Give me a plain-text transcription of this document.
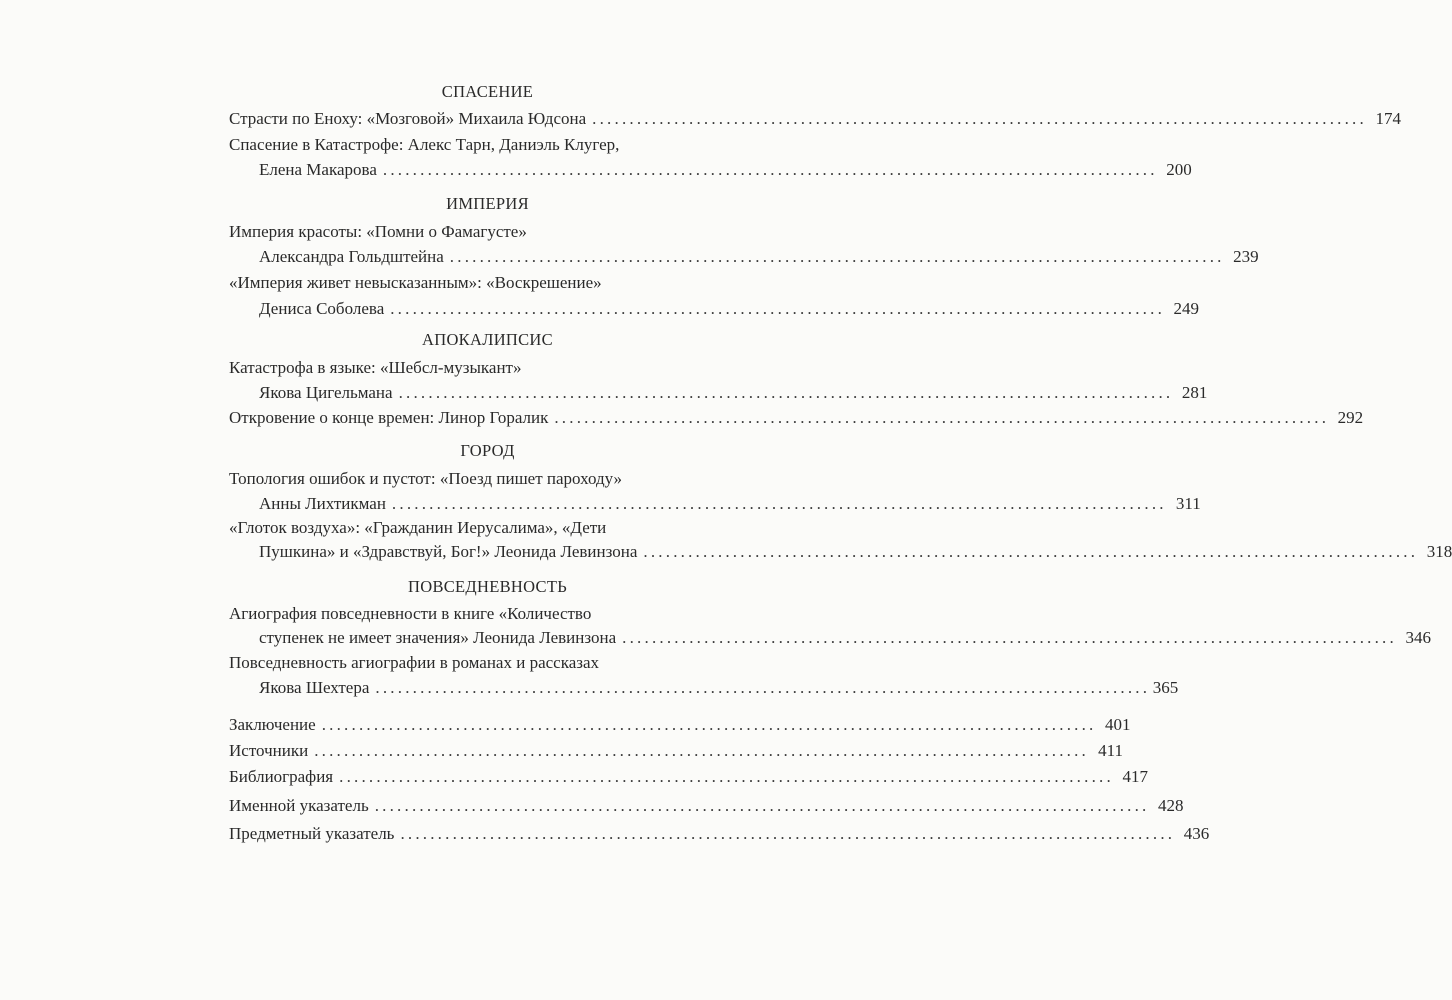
СПАСЕНИЕ
Страсти по Еноху: «Мозговой» Михаила Юдсона ........................................................................................................ 174
Спасение в Катастрофе: Алекс Тарн, Даниэль Клугер,
Елена Макарова ........................................................................................................ 200
ИМПЕРИЯ
Империя красоты: «Помни о Фамагусте»
Александра Гольдштейна ........................................................................................................ 239
«Империя живет невысказанным»: «Воскрешение»
Дениса Соболева ........................................................................................................ 249
АПОКАЛИПСИС
Катастрофа в языке: «Шебсл-музыкант»
Якова Цигельмана ........................................................................................................ 281
Откровение о конце времен: Линор Горалик ........................................................................................................ 292
ГОРОД
Топология ошибок и пустот: «Поезд пишет пароходу»
Анны Лихтикман ........................................................................................................ 311
«Глоток воздуха»: «Гражданин Иерусалима», «Дети
Пушкина» и «Здравствуй, Бог!» Леонида Левинзона ........................................................................................................ 318
ПОВСЕДНЕВНОСТЬ
Агиография повседневности в книге «Количество
ступенек не имеет значения» Леонида Левинзона ........................................................................................................ 346
Повседневность агиографии в романах и рассказах
Якова Шехтера ........................................................................................................ 365
Заключение ........................................................................................................ 401
Источники ........................................................................................................ 411
Библиография ........................................................................................................ 417
Именной указатель ........................................................................................................ 428
Предметный указатель ........................................................................................................ 436
